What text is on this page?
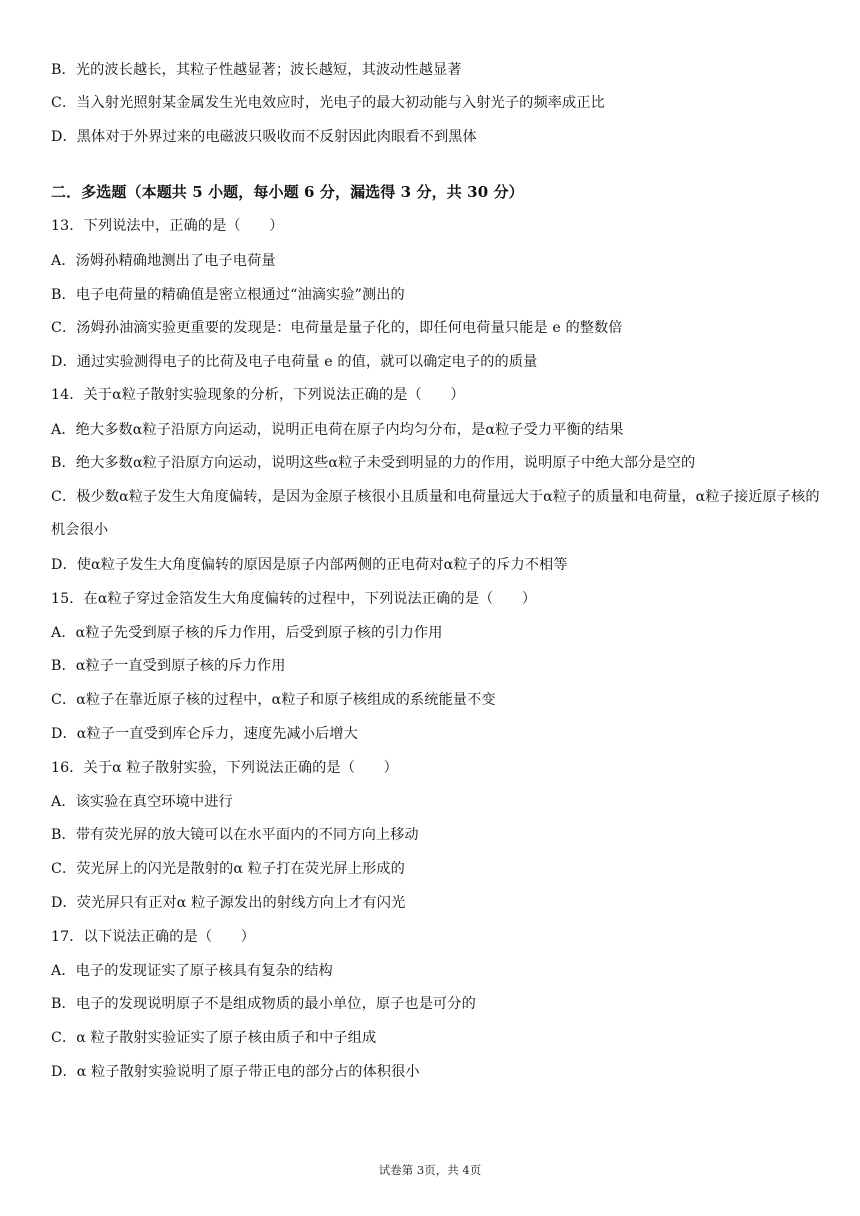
B．光的波长越长，其粒子性越显著；波长越短，其波动性越显著
C．当入射光照射某金属发生光电效应时，光电子的最大初动能与入射光子的频率成正比
D．黑体对于外界过来的电磁波只吸收而不反射因此肉眼看不到黑体
二．多选题（本题共 5 小题，每小题 6 分，漏选得 3 分，共 30 分）
13．下列说法中，正确的是（　　）
A．汤姆孙精确地测出了电子电荷量
B．电子电荷量的精确值是密立根通过“油滴实验”测出的
C．汤姆孙油滴实验更重要的发现是：电荷量是量子化的，即任何电荷量只能是 e 的整数倍
D．通过实验测得电子的比荷及电子电荷量 e 的值，就可以确定电子的的质量
14．关于α粒子散射实验现象的分析，下列说法正确的是（　　）
A．绝大多数α粒子沿原方向运动，说明正电荷在原子内均匀分布，是α粒子受力平衡的结果
B．绝大多数α粒子沿原方向运动，说明这些α粒子未受到明显的力的作用，说明原子中绝大部分是空的
C．极少数α粒子发生大角度偏转，是因为金原子核很小且质量和电荷量远大于α粒子的质量和电荷量，α粒子接近原子核的机会很小
D．使α粒子发生大角度偏转的原因是原子内部两侧的正电荷对α粒子的斥力不相等
15．在α粒子穿过金箔发生大角度偏转的过程中，下列说法正确的是（　　）
A．α粒子先受到原子核的斥力作用，后受到原子核的引力作用
B．α粒子一直受到原子核的斥力作用
C．α粒子在靠近原子核的过程中，α粒子和原子核组成的系统能量不变
D．α粒子一直受到库仑斥力，速度先减小后增大
16．关于α 粒子散射实验，下列说法正确的是（　　）
A．该实验在真空环境中进行
B．带有荧光屏的放大镜可以在水平面内的不同方向上移动
C．荧光屏上的闪光是散射的α 粒子打在荧光屏上形成的
D．荧光屏只有正对α 粒子源发出的射线方向上才有闪光
17．以下说法正确的是（　　）
A．电子的发现证实了原子核具有复杂的结构
B．电子的发现说明原子不是组成物质的最小单位，原子也是可分的
C．α 粒子散射实验证实了原子核由质子和中子组成
D．α 粒子散射实验说明了原子带正电的部分占的体积很小
试卷第 3页，共 4页
